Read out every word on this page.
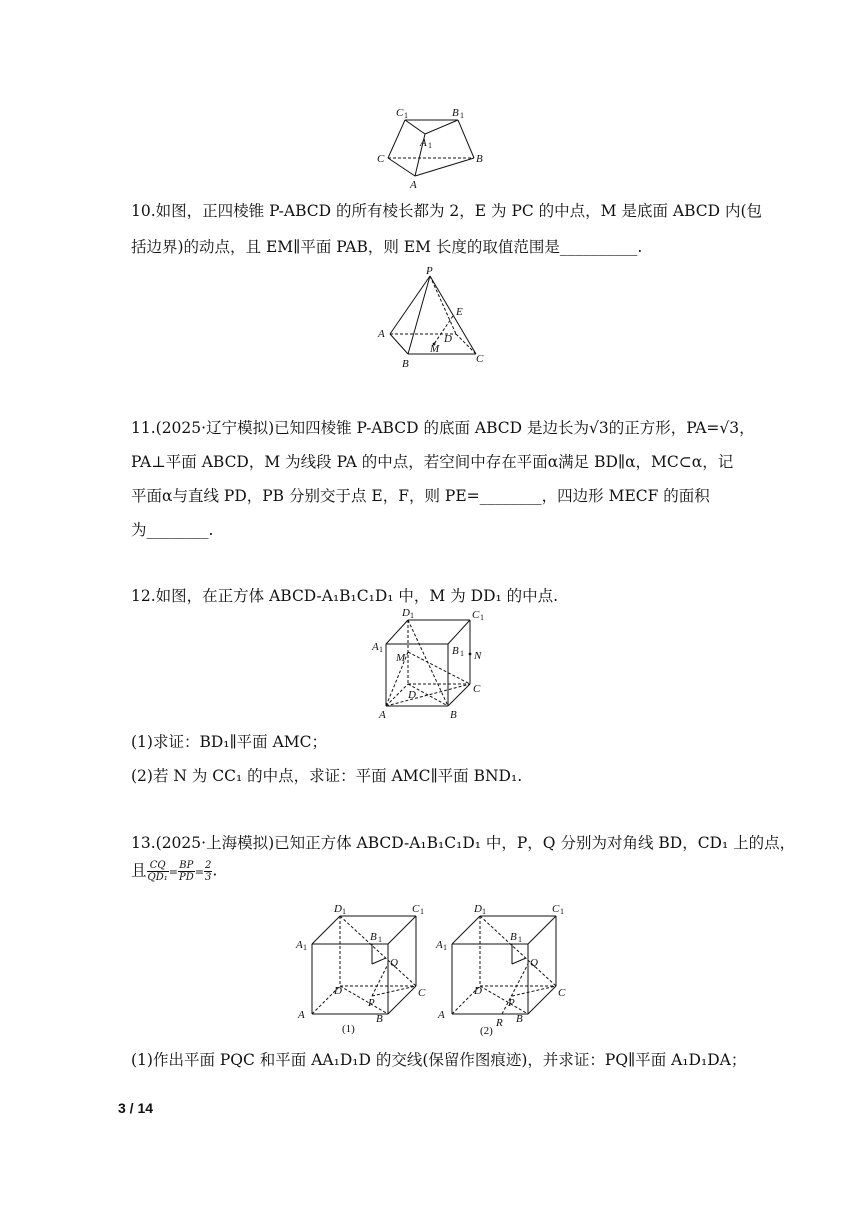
C 1	B 1
A 1
C	B
A
10.如图，正四棱锥 P-ABCD 的所有棱长都为 2，E 为 PC 的中点，M 是底面 ABCD 内(包
括边界)的动点，且 EM∥平面 PAB，则 EM 长度的取值范围是__________.
P
E
A	D
M
B	C
11.(2025·辽宁模拟)已知四棱锥 P-ABCD 的底面 ABCD 是边长为√3的正方形，PA=√3，
PA⊥平面 ABCD，M 为线段 PA 的中点，若空间中存在平面α满足 BD∥α，MC⊂α，记
平面α与直线 PD，PB 分别交于点 E，F，则 PE=________，四边形 MECF 的面积
为________.
12.如图，在正方体 ABCD-A₁B₁C₁D₁ 中，M 为 DD₁ 的中点.
D 1	C 1
A 1	B 1
M	N
D	C
A	B
(1)求证：BD₁∥平面 AMC；
(2)若 N 为 CC₁ 的中点，求证：平面 AMC∥平面 BND₁.
13.(2025·上海模拟)已知正方体 ABCD-A₁B₁C₁D₁ 中，P，Q 分别为对角线 BD，CD₁ 上的点，
且 $\frac{CQ}{\text{QD₁}} = \frac{BP}{PD} = \frac{2}{3}$ .
D 1	C 1
A 1
B 1
Q
D	C
A
P
B
(1)
D 1	C 1
A 1
B 1
Q
D	C
A
P
B
R
(2)
(1)作出平面 PQC 和平面 AA₁D₁D 的交线(保留作图痕迹)，并求证：PQ∥平面 A₁D₁DA；
3 / 14
